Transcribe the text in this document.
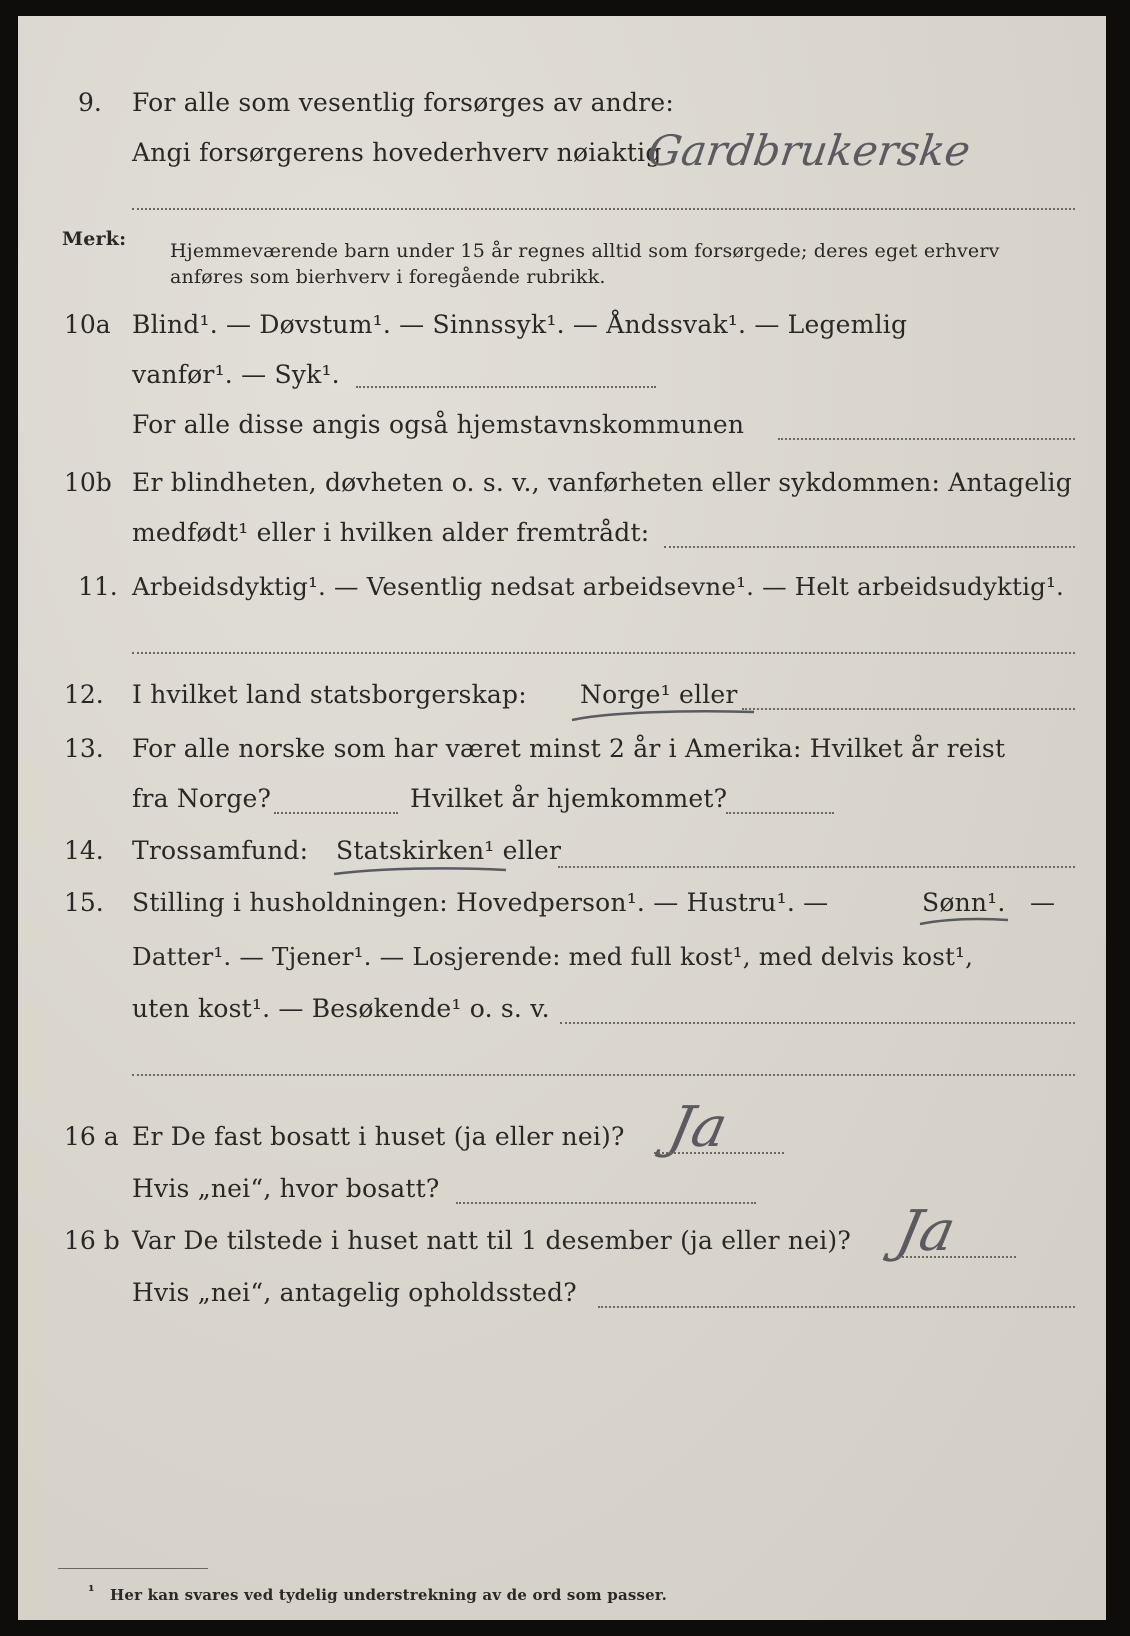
9. For alle som vesentlig forsørges av andre:
Angi forsørgerens hovederhverv nøiaktig
Gardbrukerske
Merk:
Hjemmeværende barn under 15 år regnes alltid som forsørgede; deres eget erhverv
anføres som bierhverv i foregående rubrikk.
10a Blind¹. — Døvstum¹. — Sinnssyk¹. — Åndssvak¹. — Legemlig
vanfør¹. — Syk¹.
For alle disse angis også hjemstavnskommunen
10b Er blindheten, døvheten o. s. v., vanførheten eller sykdommen: Antagelig
medfødt¹ eller i hvilken alder fremtrådt:
11. Arbeidsdyktig¹. — Vesentlig nedsat arbeidsevne¹. — Helt arbeidsudyktig¹.
12. I hvilket land statsborgerskap: Norge¹ eller
13. For alle norske som har været minst 2 år i Amerika: Hvilket år reist
fra Norge?	Hvilket år hjemkommet?
14. Trossamfund: Statskirken¹ eller
15. Stilling i husholdningen: Hovedperson¹. — Hustru¹. —	Sønn¹. —
Datter¹. — Tjener¹. — Losjerende: med full kost¹, med delvis kost¹,
uten kost¹. — Besøkende¹ o. s. v.
16 a Er De fast bosatt i huset (ja eller nei)? Ja
Hvis „nei“, hvor bosatt?
16 b Var De tilstede i huset natt til 1 desember (ja eller nei)? Ja
Hvis „nei“, antagelig opholdssted?
¹ Her kan svares ved tydelig understrekning av de ord som passer.
